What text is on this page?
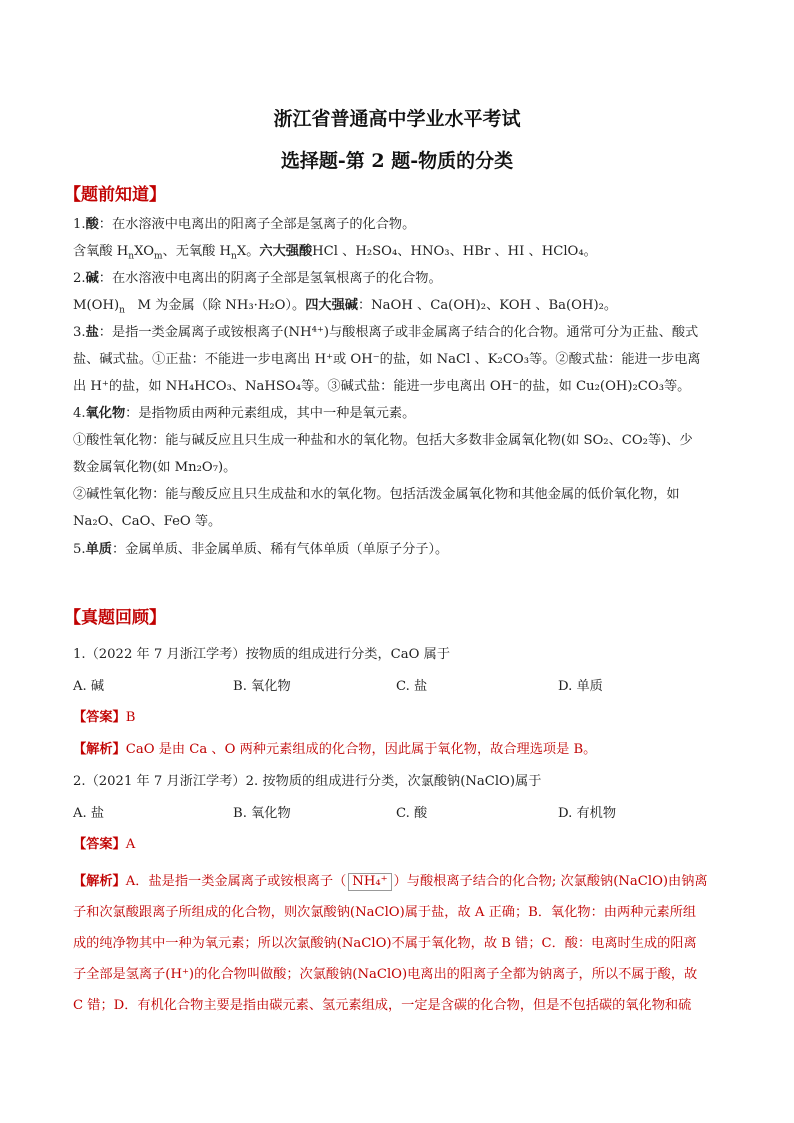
浙江省普通高中学业水平考试
选择题-第 2 题-物质的分类
【题前知道】
1.酸：在水溶液中电离出的阳离子全部是氢离子的化合物。
含氧酸 $H_nXO_m$、无氧酸 $H_nX$。六大强酸HCl 、H₂SO₄、HNO₃、HBr 、HI 、HClO₄。
2.碱：在水溶液中电离出的阴离子全部是氢氧根离子的化合物。
$M(OH)_n$ M 为金属（除 NH₃·H₂O）。四大强碱：NaOH 、Ca(OH)₂、KOH 、Ba(OH)₂。
3.盐：是指一类金属离子或铵根离子(NH⁴⁺)与酸根离子或非金属离子结合的化合物。通常可分为正盐、酸式
盐、碱式盐。①正盐：不能进一步电离出 H⁺或 OH⁻的盐，如 NaCl 、K₂CO₃等。②酸式盐：能进一步电离
出 H⁺的盐，如 NH₄HCO₃、NaHSO₄等。③碱式盐：能进一步电离出 OH⁻的盐，如 Cu₂(OH)₂CO₃等。
4.氧化物：是指物质由两种元素组成，其中一种是氧元素。
①酸性氧化物：能与碱反应且只生成一种盐和水的氧化物。包括大多数非金属氧化物(如 SO₂、CO₂等)、少
数金属氧化物(如 Mn₂O₇)。
②碱性氧化物：能与酸反应且只生成盐和水的氧化物。包括活泼金属氧化物和其他金属的低价氧化物，如
Na₂O、CaO、FeO 等。
5.单质：金属单质、非金属单质、稀有气体单质（单原子分子）。
【真题回顾】
1.（2022 年 7 月浙江学考）按物质的组成进行分类，CaO 属于
A. 碱	B. 氧化物	C. 盐	D. 单质
【答案】B
【解析】CaO 是由 Ca 、O 两种元素组成的化合物，因此属于氧化物，故合理选项是 B。
2.（2021 年 7 月浙江学考）2. 按物质的组成进行分类，次氯酸钠(NaClO)属于
A. 盐	B. 氧化物	C. 酸	D. 有机物
【答案】A
【解析】A．盐是指一类金属离子或铵根离子（ NH₄⁺ ）与酸根离子结合的化合物; 次氯酸钠(NaClO)由钠离
子和次氯酸跟离子所组成的化合物，则次氯酸钠(NaClO)属于盐，故 A 正确；B．氧化物：由两种元素所组
成的纯净物其中一种为氧元素；所以次氯酸钠(NaClO)不属于氧化物，故 B 错；C．酸：电离时生成的阳离
子全部是氢离子(H⁺)的化合物叫做酸；次氯酸钠(NaClO)电离出的阳离子全都为钠离子，所以不属于酸，故
C 错；D．有机化合物主要是指由碳元素、氢元素组成，一定是含碳的化合物，但是不包括碳的氧化物和硫
